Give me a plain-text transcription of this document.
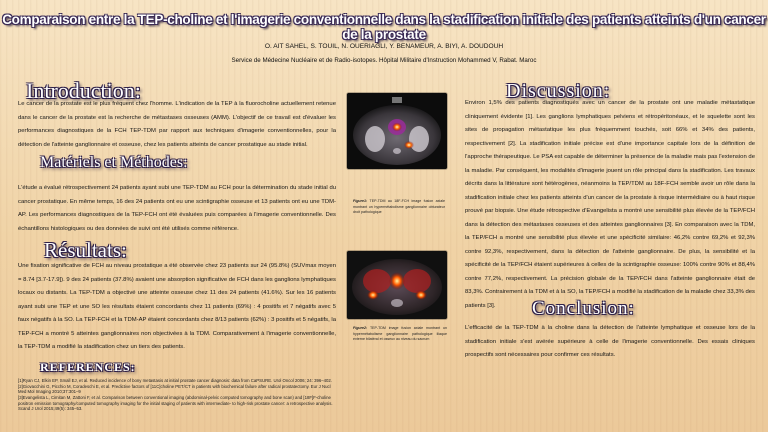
Comparaison entre la TEP-choline et l'imagerie conventionnelle dans la stadification initiale des patients atteints d'un cancer de la prostate
O. AIT SAHEL, S. TOUIL, N. OUERIAGLI, Y. BENAMEUR, A. BIYI, A. DOUDOUH
Service de Médecine Nucléaire et de Radio-isotopes. Hôpital Militaire d'Instruction Mohammed V, Rabat. Maroc
Introduction:
Le cancer de la prostate est le plus fréquent chez l'homme. L'indication de la TEP à la fluorocholine actuellement retenue dans le cancer de la prostate est la recherche de métastases osseuses (AMM). L'objectif de ce travail est d'évaluer les performances diagnostiques de la FCH TEP-TDM par rapport aux techniques d'imagerie conventionnelles, pour la détection de l'atteinte ganglionnaire et osseuse, chez les patients atteints de cancer prostatique au stade initial.
Matériels et Méthodes:
L'étude a évalué rétrospectivement 24 patients ayant subi une TEP-TDM au FCH pour la détermination du stade initial du cancer prostatique. En même temps, 16 des 24 patients ont eu une scintigraphie osseuse et 13 patients ont eu une TDM-AP. Les performances diagnostiques de la TEP-FCH ont été évaluées puis comparées à l'imagerie conventionnelle. Des échantillons histologiques ou des données de suivi ont été utilisés comme référence.
Résultats:
Une fixation significative de FCH au niveau prostatique a été observée chez 23 patients sur 24 (95.8%) (SUVmax moyen = 8.74 [3.7-17.9]). 9 des 24 patients (37.8%) avaient une absorption significative de FCH dans les ganglions lymphatiques locaux ou distants. La TEP-TDM a objectivé une atteinte osseuse chez 11 des 24 patients (41.6%). Sur les 16 patients ayant subi une TEP et une SO les résultats étaient concordants chez 11 patients (69%) : 4 positifs et 7 négatifs avec 5 faux négatifs à la SO. La TEP-FCH et la TDM-AP étaient concordants chez 8/13 patients (62%) : 3 positifs et 5 négatifs, la TEP-FCH a montré 5 atteintes ganglionnaires non objectivées à la TDM. Comparativement à l'imagerie conventionnelle, la TEP-TDM a modifié la stadification chez un tiers des patients.
REFERENCES:

[1]Ryan CJ, Elkin EP, Small EJ, et al. Reduced incidence of bony metastasis at initial prostate cancer diagnosis: data from CaPSURE. Urol Oncol 2006; 24: 396–402.

[2]Giovacchini G, Picchio M, Coradeschi E, et al. Predictive factors of [11C]choline PET/CT in patients with biochemical failure after radical prostatectomy. Eur J Nucl Med Mol Imaging 2010;37:301–9

[3]Evangelista L, Cimitan M, Zattoni F, et al. Comparison between conventional imaging (abdominal-pelvic computed tomography and bone scan) and [18F]F-choline positron emission tomography/computed tomography imaging for the initial staging of patients with intermediate- to high-risk prostate cancer: a retrospective analysis. Scand J Urol 2015;49(5): 345–53.

Figure1: TEP-TDM au 18F-FCH image fusion axiale montrant un hypermétabolisme ganglionnaire obturateur droit pathologique
Figure2: TEP-TDM image fusion axiale montrant un hypermétabolisme ganglionnaire pathologique iliaque externe bilatéral et osseux au niveau du sacrum
Discussion:
Environ 1,5% des patients diagnostiqués avec un cancer de la prostate ont une maladie métastatique cliniquement évidente [1]. Les ganglions lymphatiques pelviens et rétropéritonéaux, et le squelette sont les sites de propagation métastatique les plus fréquemment touchés, soit 66% et 34% des patients, respectivement [2]. La stadification initiale précise est d'une importance capitale lors de la définition de l'approche thérapeutique. Le PSA est capable de déterminer la présence de la maladie mais pas l'extension de la maladie. Par conséquent, les modalités d'imagerie jouent un rôle principal dans la stadification. Les travaux décrits dans la littérature sont hétérogènes, néanmoins la TEP/TDM au 18F-FCH semble avoir un rôle dans la stadification initiale chez les patients atteints d'un cancer de la prostate à risque intermédiaire ou à haut risque prouvé par biopsie. Une étude rétrospective d'Evangelista a montré une sensibilité plus élevée de la TEP/FCH dans la détection des métastases osseuses et des atteintes ganglionnaires [3]. En comparaison avec la TDM, la TEP/FCH a montré une sensibilité plus élevée et une spécificité similaire: 46,2% contre 69,2% et 92,3% contre 92,3%, respectivement, dans la détection de l'atteinte ganglionnaire. De plus, la sensibilité et la spécificité de la TEP/FCH étaient supérieures à celles de la scintigraphie osseuse: 100% contre 90% et 88,4% contre 77,2%, respectivement. La précision globale de la TEP/FCH dans l'atteinte ganglionnaire était de 83,3%. Contrairement à la TDM et à la SO, la TEP/FCH a modifié la stadification de la maladie chez 33,3% des patients [3].	Conclusion:
L'efficacité de la TEP-TDM à la choline dans la détection de l'atteinte lymphatique et osseuse lors de la stadification initiale s'est avérée supérieure à celle de l'imagerie conventionnelle. Des essais cliniques prospectifs sont nécessaires pour confirmer ces résultats.
